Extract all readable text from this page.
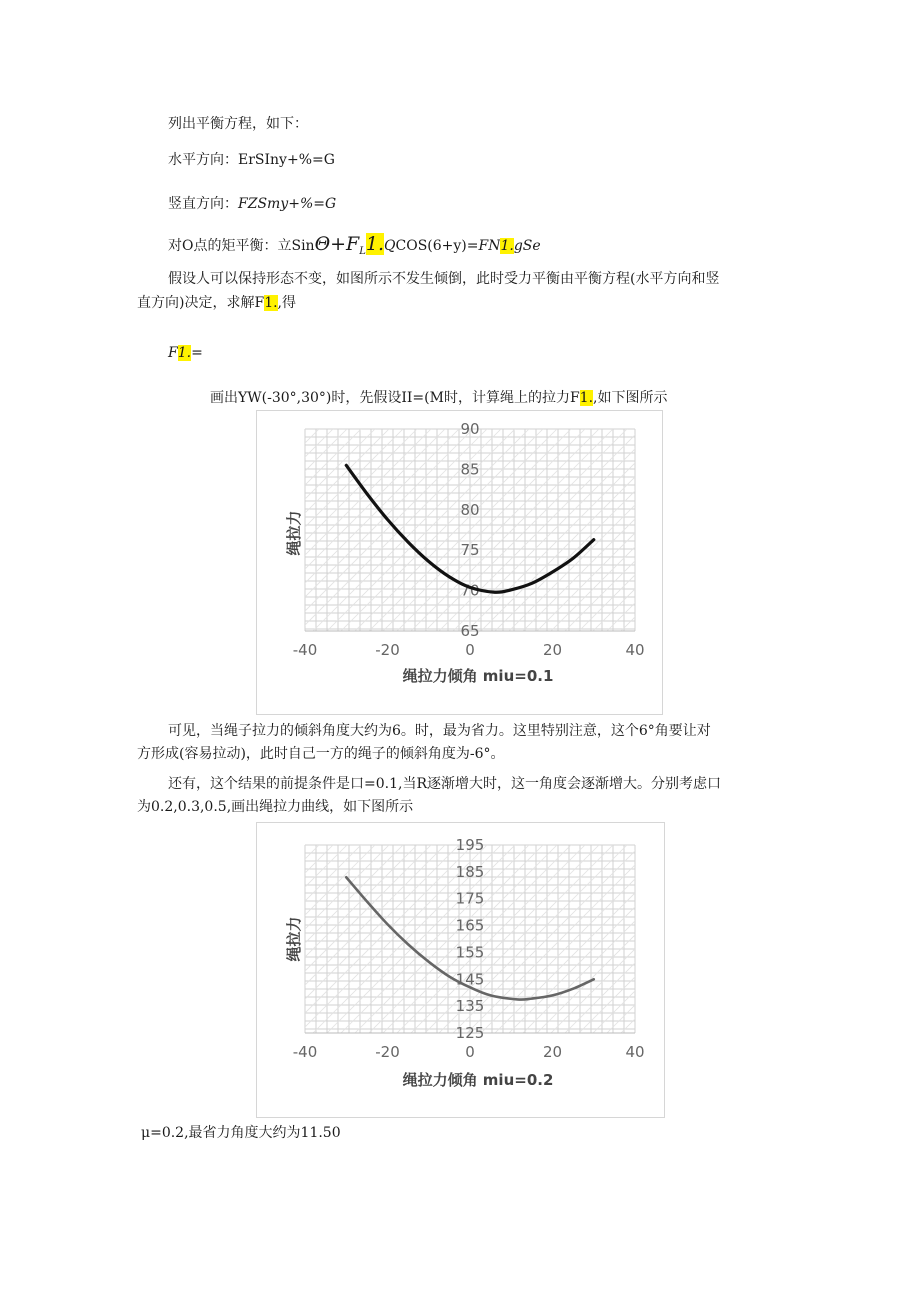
列出平衡方程，如下：
水平方向：ErSIny+%=G
竖直方向：FZSmy+%=G
对O点的矩平衡：立$Sin\Theta+F_L1.QCOS(6+y)=FN1.gSe$
假设人可以保持形态不变，如图所示不发生倾倒，此时受力平衡由平衡方程(水平方向和竖
直方向)决定，求解F1.,得
F1.=
画出YW(-30°,30°)时，先假设II=(M时，计算绳上的拉力F1.,如下图所示
65
70
75
80
85
90
-40	-20	0	20	40
绳拉力倾角 miu=0.1
绳拉力
可见，当绳子拉力的倾斜角度大约为6。时，最为省力。这里特别注意，这个6°角要让对
方形成(容易拉动)，此时自己一方的绳子的倾斜角度为-6°。
还有，这个结果的前提条件是口=0.1,当R逐渐增大时，这一角度会逐渐增大。分别考虑口
为0.2,0.3,0.5,画出绳拉力曲线，如下图所示
125
135
145
155
165
175
185
195
-40	-20	0	20	40
绳拉力倾角 miu=0.2
绳拉力
μ=0.2,最省力角度大约为11.50
